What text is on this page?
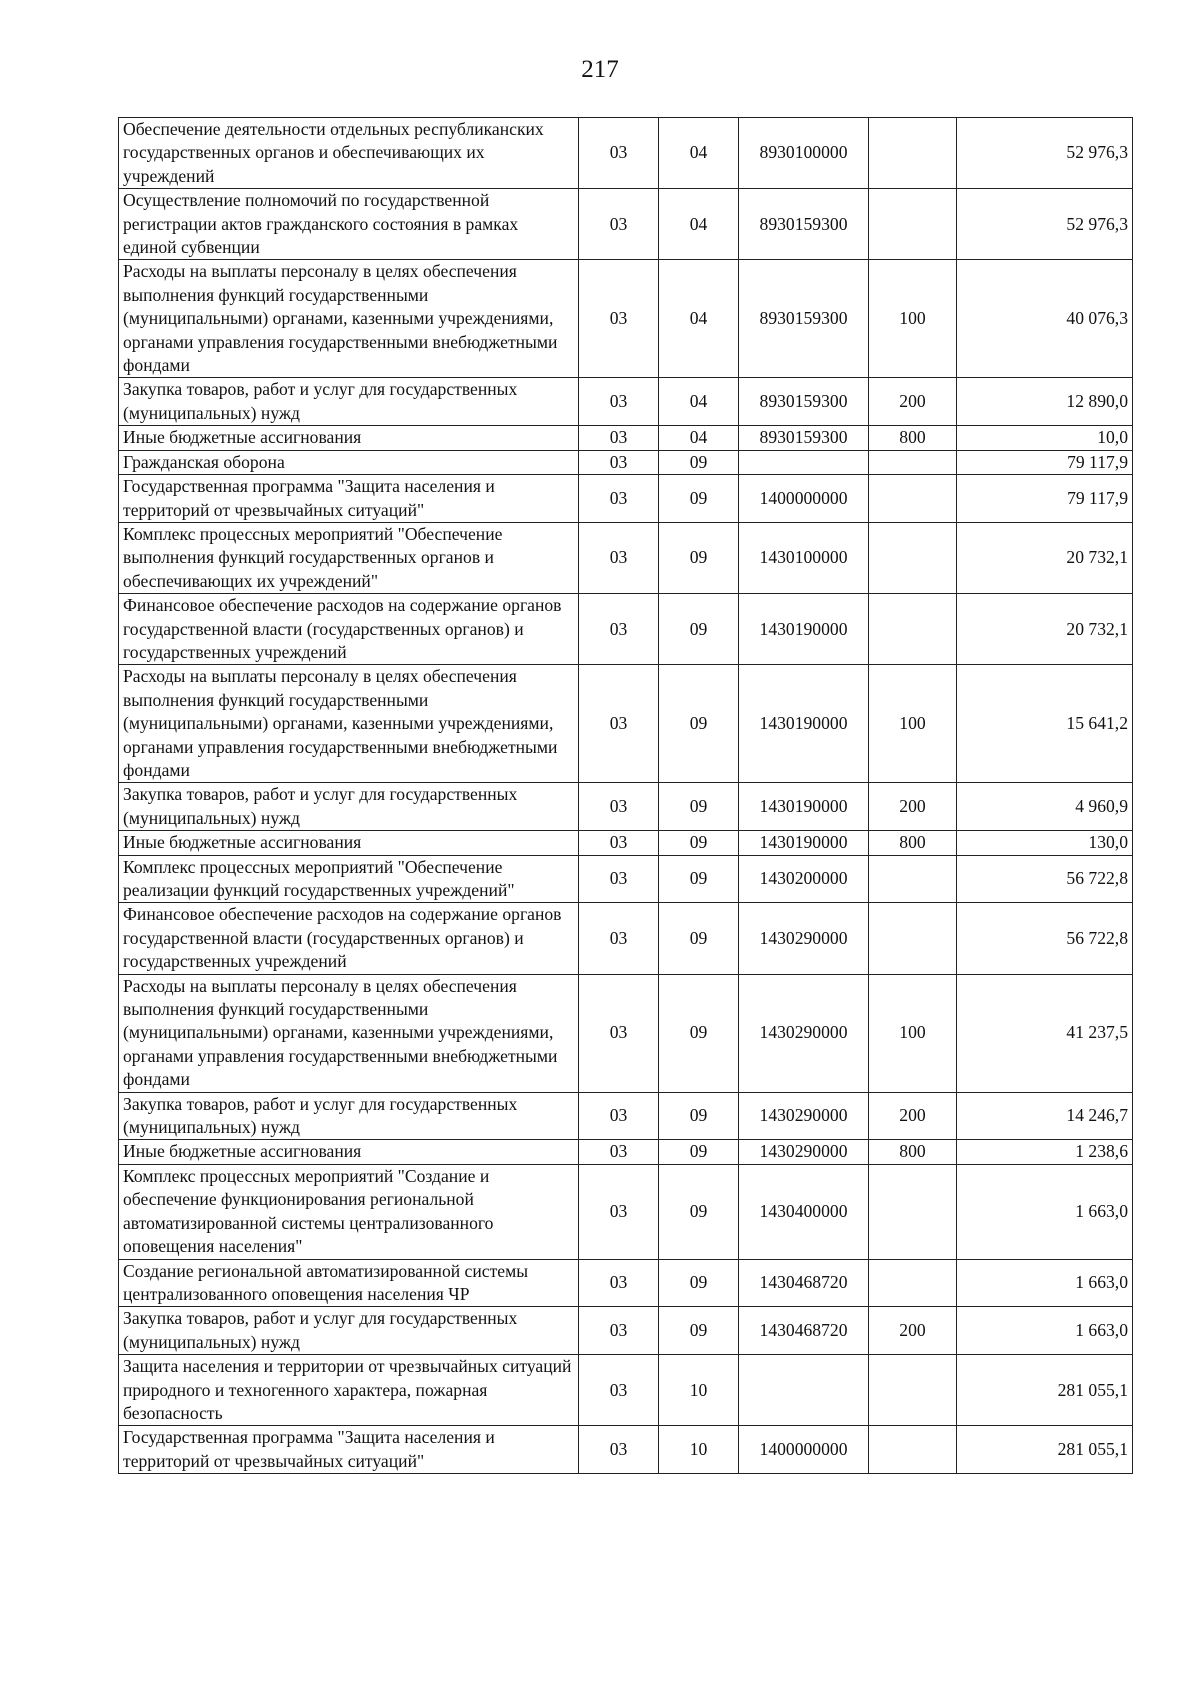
217
Обеспечение деятельности отдельных республиканских государственных органов и обеспечивающих их учреждений	03	04	8930100000		52 976,3
Осуществление полномочий по государственной регистрации актов гражданского состояния в рамках единой субвенции	03	04	8930159300		52 976,3
Расходы на выплаты персоналу в целях обеспечения выполнения функций государственными (муниципальными) органами, казенными учреждениями, органами управления государственными внебюджетными фондами	03	04	8930159300	100	40 076,3
Закупка товаров, работ и услуг для государственных (муниципальных) нужд	03	04	8930159300	200	12 890,0
Иные бюджетные ассигнования	03	04	8930159300	800	10,0
Гражданская оборона	03	09			79 117,9
Государственная программа "Защита населения и территорий от чрезвычайных ситуаций"	03	09	1400000000		79 117,9
Комплекс процессных мероприятий "Обеспечение выполнения функций государственных органов и обеспечивающих их учреждений"	03	09	1430100000		20 732,1
Финансовое обеспечение расходов на содержание органов государственной власти (государственных органов) и государственных учреждений	03	09	1430190000		20 732,1
Расходы на выплаты персоналу в целях обеспечения выполнения функций государственными (муниципальными) органами, казенными учреждениями, органами управления государственными внебюджетными фондами	03	09	1430190000	100	15 641,2
Закупка товаров, работ и услуг для государственных (муниципальных) нужд	03	09	1430190000	200	4 960,9
Иные бюджетные ассигнования	03	09	1430190000	800	130,0
Комплекс процессных мероприятий "Обеспечение реализации функций государственных учреждений"	03	09	1430200000		56 722,8
Финансовое обеспечение расходов на содержание органов государственной власти (государственных органов) и государственных учреждений	03	09	1430290000		56 722,8
Расходы на выплаты персоналу в целях обеспечения выполнения функций государственными (муниципальными) органами, казенными учреждениями, органами управления государственными внебюджетными фондами	03	09	1430290000	100	41 237,5
Закупка товаров, работ и услуг для государственных (муниципальных) нужд	03	09	1430290000	200	14 246,7
Иные бюджетные ассигнования	03	09	1430290000	800	1 238,6
Комплекс процессных мероприятий "Создание и обеспечение функционирования региональной автоматизированной системы централизованного оповещения населения"	03	09	1430400000		1 663,0
Создание региональной автоматизированной системы централизованного оповещения населения ЧР	03	09	1430468720		1 663,0
Закупка товаров, работ и услуг для государственных (муниципальных) нужд	03	09	1430468720	200	1 663,0
Защита населения и территории от чрезвычайных ситуаций природного и техногенного характера, пожарная безопасность	03	10			281 055,1
Государственная программа "Защита населения и территорий от чрезвычайных ситуаций"	03	10	1400000000		281 055,1
